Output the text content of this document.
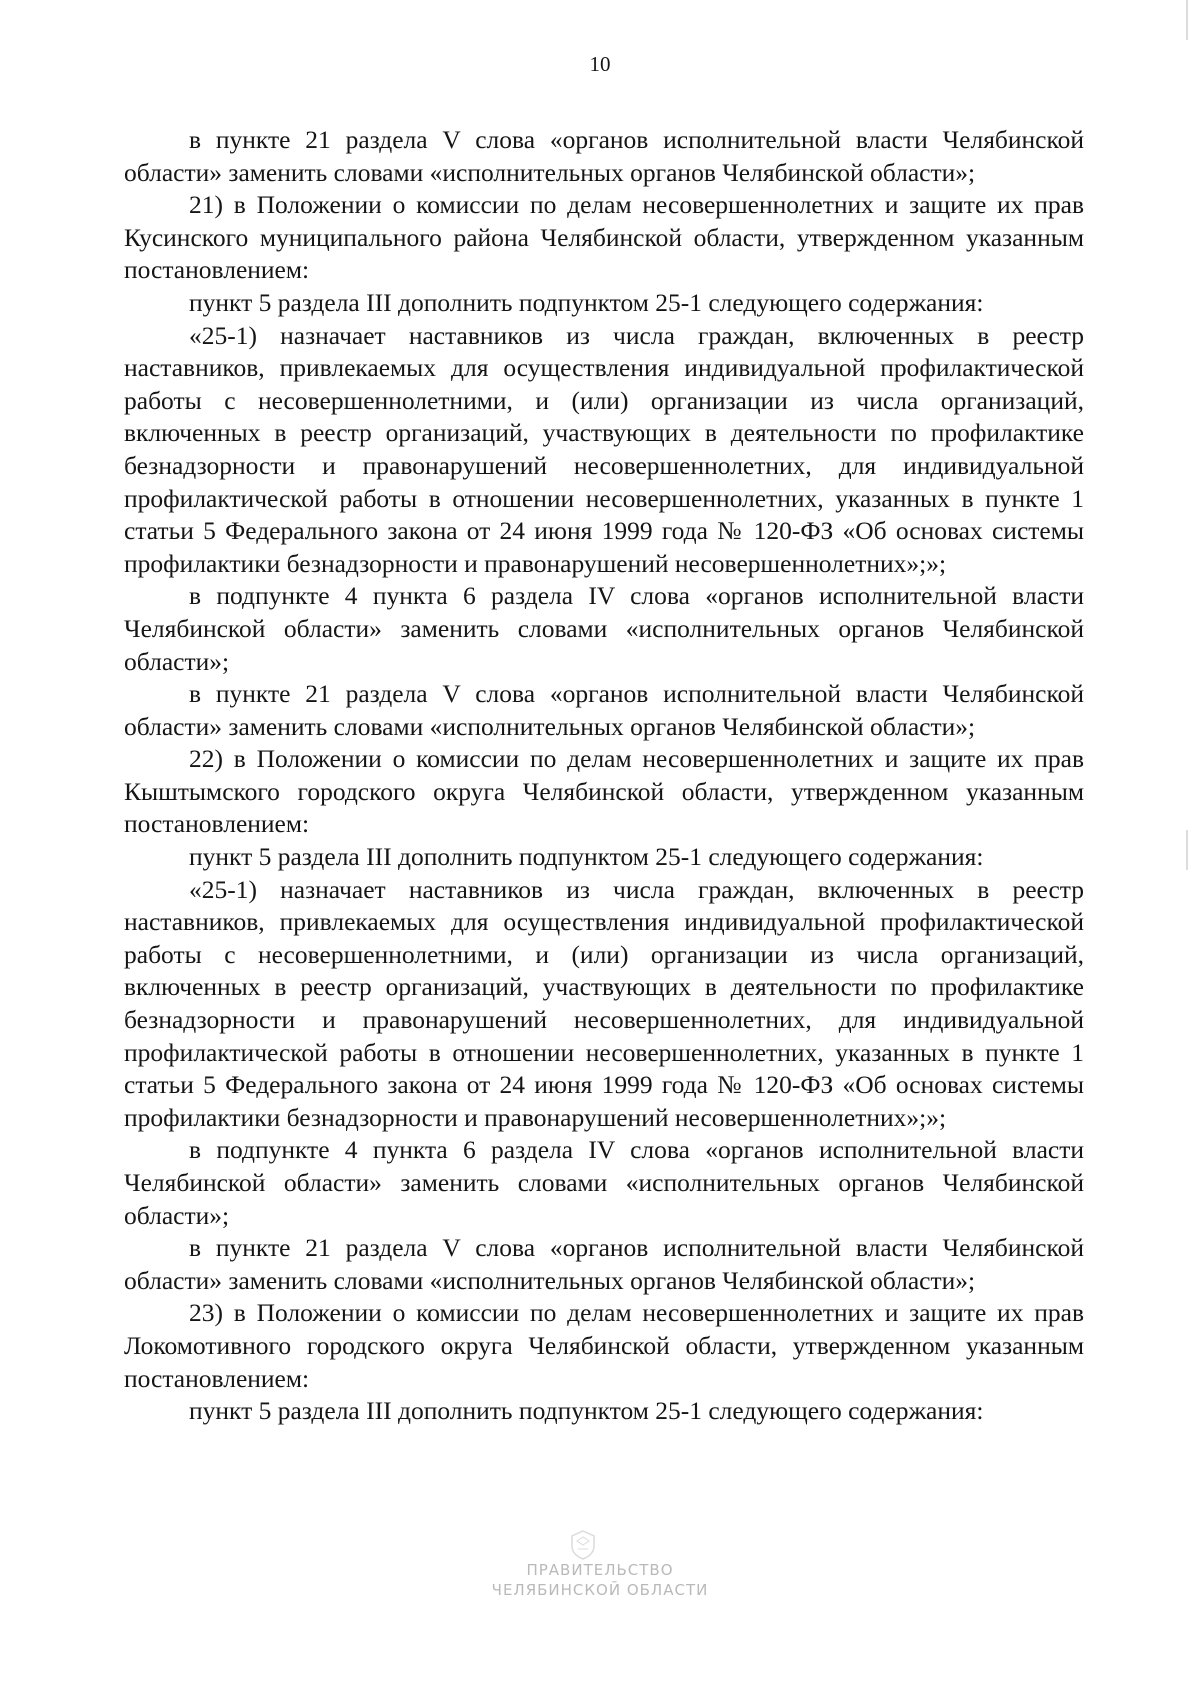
10

в пункте 21 раздела V слова «органов исполнительной власти Челябинской области» заменить словами «исполнительных органов Челябинской области»;

21) в Положении о комиссии по делам несовершеннолетних и защите их прав Кусинского муниципального района Челябинской области, утвержденном указанным постановлением:

пункт 5 раздела III дополнить подпунктом 25-1 следующего содержания:

«25-1) назначает наставников из числа граждан, включенных в реестр наставников, привлекаемых для осуществления индивидуальной профилактической работы с несовершеннолетними, и (или) организации из числа организаций, включенных в реестр организаций, участвующих в деятельности по профилактике безнадзорности и правонарушений несовершеннолетних, для индивидуальной профилактической работы в отношении несовершеннолетних, указанных в пункте 1 статьи 5 Федерального закона от 24 июня 1999 года № 120-ФЗ «Об основах системы профилактики безнадзорности и правонарушений несовершеннолетних»;»;

в подпункте 4 пункта 6 раздела IV слова «органов исполнительной власти Челябинской области» заменить словами «исполнительных органов Челябинской области»;

в пункте 21 раздела V слова «органов исполнительной власти Челябинской области» заменить словами «исполнительных органов Челябинской области»;

22) в Положении о комиссии по делам несовершеннолетних и защите их прав Кыштымского городского округа Челябинской области, утвержденном указанным постановлением:

пункт 5 раздела III дополнить подпунктом 25-1 следующего содержания:

«25-1) назначает наставников из числа граждан, включенных в реестр наставников, привлекаемых для осуществления индивидуальной профилактической работы с несовершеннолетними, и (или) организации из числа организаций, включенных в реестр организаций, участвующих в деятельности по профилактике безнадзорности и правонарушений несовершеннолетних, для индивидуальной профилактической работы в отношении несовершеннолетних, указанных в пункте 1 статьи 5 Федерального закона от 24 июня 1999 года № 120-ФЗ «Об основах системы профилактики безнадзорности и правонарушений несовершеннолетних»;»;

в подпункте 4 пункта 6 раздела IV слова «органов исполнительной власти Челябинской области» заменить словами «исполнительных органов Челябинской области»;

в пункте 21 раздела V слова «органов исполнительной власти Челябинской области» заменить словами «исполнительных органов Челябинской области»;

23) в Положении о комиссии по делам несовершеннолетних и защите их прав Локомотивного городского округа Челябинской области, утвержденном указанным постановлением:

пункт 5 раздела III дополнить подпунктом 25-1 следующего содержания:

ПРАВИТЕЛЬСТВО
ЧЕЛЯБИНСКОЙ ОБЛАСТИ
